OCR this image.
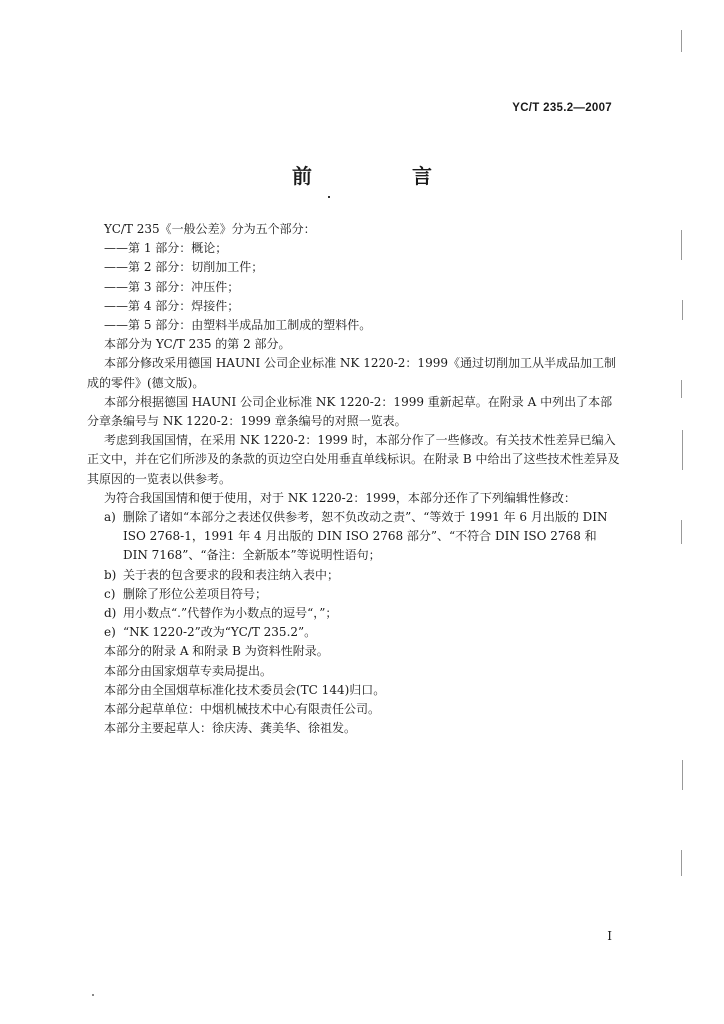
YC/T 235.2—2007
前　言

YC/T 235《一般公差》分为五个部分：

——第 1 部分：概论；
——第 2 部分：切削加工件；
——第 3 部分：冲压件；
——第 4 部分：焊接件；
——第 5 部分：由塑料半成品加工制成的塑料件。

本部分为 YC/T 235 的第 2 部分。

本部分修改采用德国 HAUNI 公司企业标准 NK 1220-2：1999《通过切削加工从半成品加工制成的零件》(德文版)。

本部分根据德国 HAUNI 公司企业标准 NK 1220-2：1999 重新起草。在附录 A 中列出了本部分章条编号与 NK 1220-2：1999 章条编号的对照一览表。

考虑到我国国情，在采用 NK 1220-2：1999 时，本部分作了一些修改。有关技术性差异已编入正文中，并在它们所涉及的条款的页边空白处用垂直单线标识。在附录 B 中给出了这些技术性差异及其原因的一览表以供参考。

为符合我国国情和便于使用，对于 NK 1220-2：1999，本部分还作了下列编辑性修改：

a) 删除了诸如“本部分之表述仅供参考，恕不负改动之责”、“等效于 1991 年 6 月出版的 DIN ISO 2768-1，1991 年 4 月出版的 DIN ISO 2768 部分”、“不符合 DIN ISO 2768 和 DIN 7168”、“备注：全新版本”等说明性语句；
b) 关于表的包含要求的段和表注纳入表中；
c) 删除了形位公差项目符号；
d) 用小数点“.”代替作为小数点的逗号“，”；
e) “NK 1220-2”改为“YC/T 235.2”。

本部分的附录 A 和附录 B 为资料性附录。

本部分由国家烟草专卖局提出。

本部分由全国烟草标准化技术委员会(TC 144)归口。

本部分起草单位：中烟机械技术中心有限责任公司。

本部分主要起草人：徐庆涛、龚美华、徐祖发。

I
